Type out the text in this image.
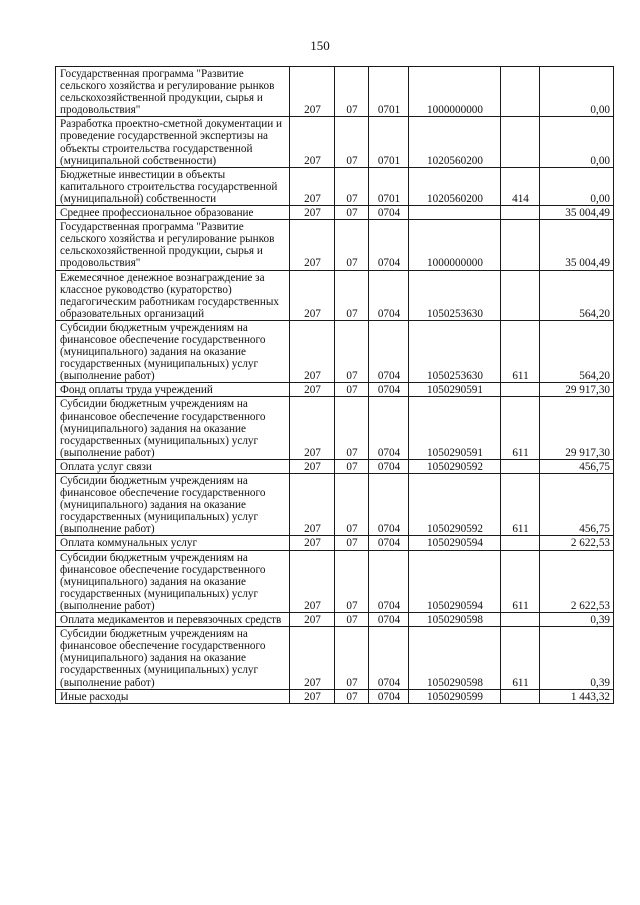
150
Государственная программа "Развитие сельского хозяйства и регулирование рынков сельскохозяйственной продукции, сырья и продовольствия"	207	07	0701	1000000000		0,00
Разработка проектно-сметной документации и проведение государственной экспертизы на объекты строительства государственной (муниципальной собственности)	207	07	0701	1020560200		0,00
Бюджетные инвестиции в объекты капитального строительства государственной (муниципальной) собственности	207	07	0701	1020560200	414	0,00
Среднее профессиональное образование	207	07	0704			35 004,49
Государственная программа "Развитие сельского хозяйства и регулирование рынков сельскохозяйственной продукции, сырья и продовольствия"	207	07	0704	1000000000		35 004,49
Ежемесячное денежное вознаграждение за классное руководство (кураторство) педагогическим работникам государственных образовательных организаций	207	07	0704	1050253630		564,20
Субсидии бюджетным учреждениям на финансовое обеспечение государственного (муниципального) задания на оказание государственных (муниципальных) услуг (выполнение работ)	207	07	0704	1050253630	611	564,20
Фонд оплаты труда учреждений	207	07	0704	1050290591		29 917,30
Субсидии бюджетным учреждениям на финансовое обеспечение государственного (муниципального) задания на оказание государственных (муниципальных) услуг (выполнение работ)	207	07	0704	1050290591	611	29 917,30
Оплата услуг связи	207	07	0704	1050290592		456,75
Субсидии бюджетным учреждениям на финансовое обеспечение государственного (муниципального) задания на оказание государственных (муниципальных) услуг (выполнение работ)	207	07	0704	1050290592	611	456,75
Оплата коммунальных услуг	207	07	0704	1050290594		2 622,53
Субсидии бюджетным учреждениям на финансовое обеспечение государственного (муниципального) задания на оказание государственных (муниципальных) услуг (выполнение работ)	207	07	0704	1050290594	611	2 622,53
Оплата медикаментов и перевязочных средств	207	07	0704	1050290598		0,39
Субсидии бюджетным учреждениям на финансовое обеспечение государственного (муниципального) задания на оказание государственных (муниципальных) услуг (выполнение работ)	207	07	0704	1050290598	611	0,39
Иные расходы	207	07	0704	1050290599		1 443,32
